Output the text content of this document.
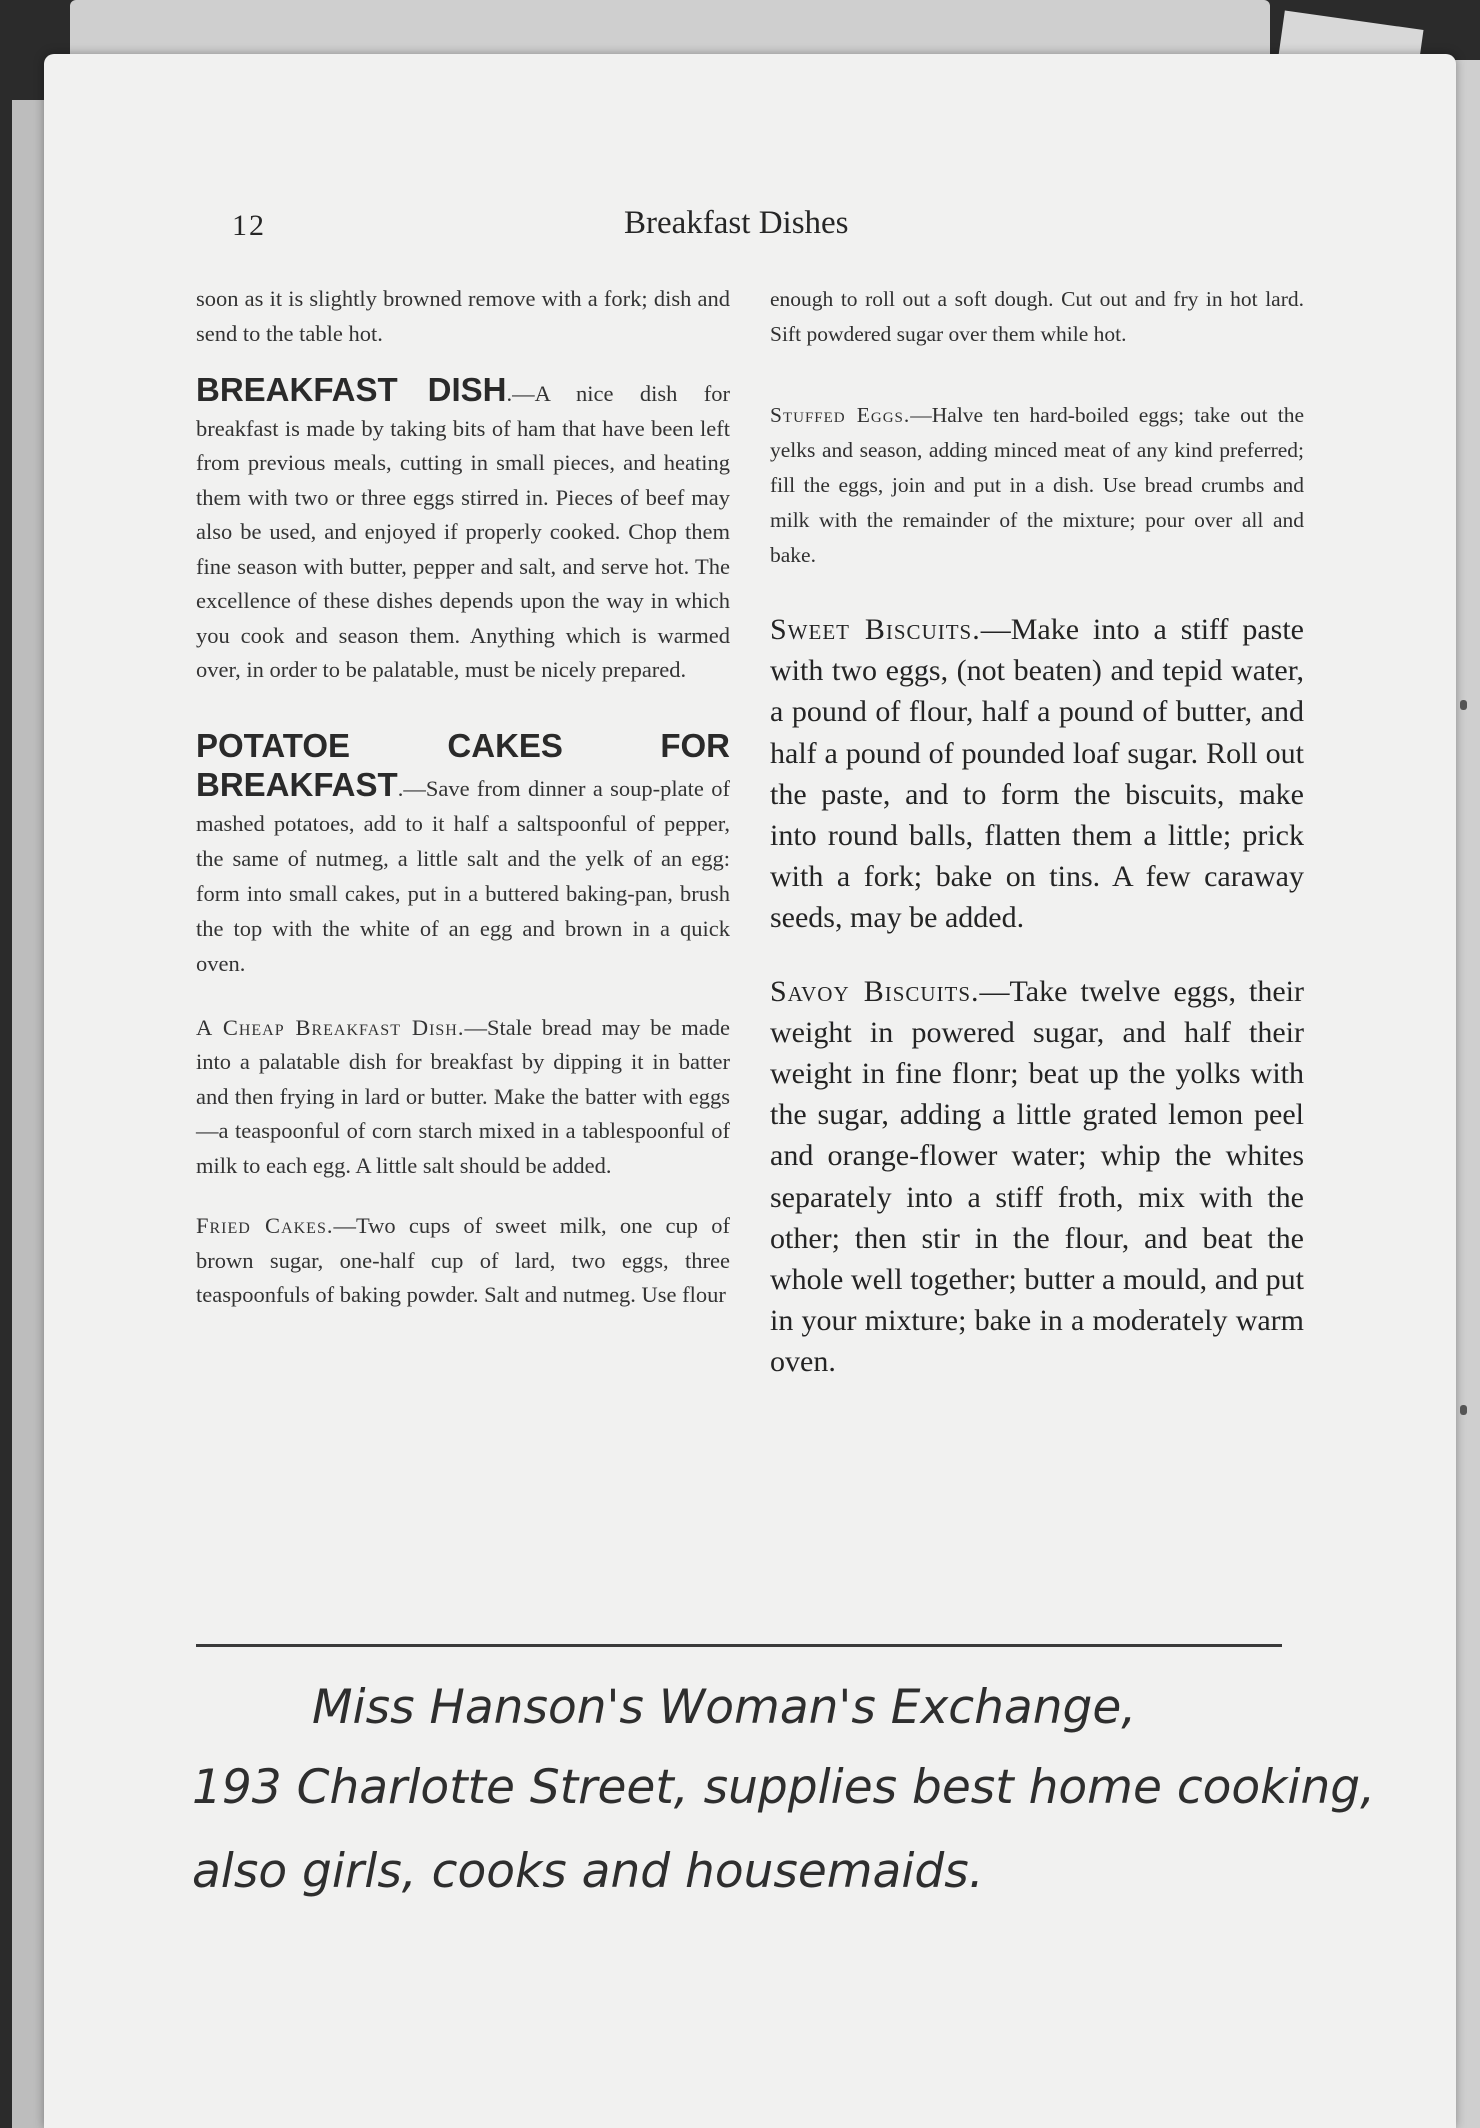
12	Breakfast Dishes

soon as it is slightly browned remove with a fork; dish and send to the table hot.

BREAKFAST DISH.—A nice dish for breakfast is made by taking bits of ham that have been left from previous meals, cutting in small pieces, and heating them with two or three eggs stirred in. Pieces of beef may also be used, and enjoyed if properly cooked. Chop them fine season with butter, pepper and salt, and serve hot. The excellence of these dishes depends upon the way in which you cook and season them. Anything which is warmed over, in order to be palatable, must be nicely prepared.

POTATOE CAKES FOR BREAKFAST.—Save from dinner a soup-plate of mashed potatoes, add to it half a saltspoonful of pepper, the same of nutmeg, a little salt and the yelk of an egg: form into small cakes, put in a buttered baking-pan, brush the top with the white of an egg and brown in a quick oven.

A Cheap Breakfast Dish.—Stale bread may be made into a palatable dish for breakfast by dipping it in batter and then frying in lard or butter. Make the batter with eggs—a teaspoonful of corn starch mixed in a tablespoonful of milk to each egg. A little salt should be added.

Fried Cakes.—Two cups of sweet milk, one cup of brown sugar, one-half cup of lard, two eggs, three teaspoonfuls of baking powder. Salt and nutmeg. Use flour

enough to roll out a soft dough. Cut out and fry in hot lard. Sift powdered sugar over them while hot.

Stuffed Eggs.—Halve ten hard-boiled eggs; take out the yelks and season, adding minced meat of any kind preferred; fill the eggs, join and put in a dish. Use bread crumbs and milk with the remainder of the mixture; pour over all and bake.

Sweet Biscuits.—Make into a stiff paste with two eggs, (not beaten) and tepid water, a pound of flour, half a pound of butter, and half a pound of pounded loaf sugar. Roll out the paste, and to form the biscuits, make into round balls, flatten them a little; prick with a fork; bake on tins. A few caraway seeds, may be added.

Savoy Biscuits.—Take twelve eggs, their weight in powered sugar, and half their weight in fine flonr; beat up the yolks with the sugar, adding a little grated lemon peel and orange-flower water; whip the whites separately into a stiff froth, mix with the other; then stir in the flour, and beat the whole well together; butter a mould, and put in your mixture; bake in a moderately warm oven.

Miss Hanson's Woman's Exchange,
193 Charlotte Street, supplies best home cooking,
also girls, cooks and housemaids.
